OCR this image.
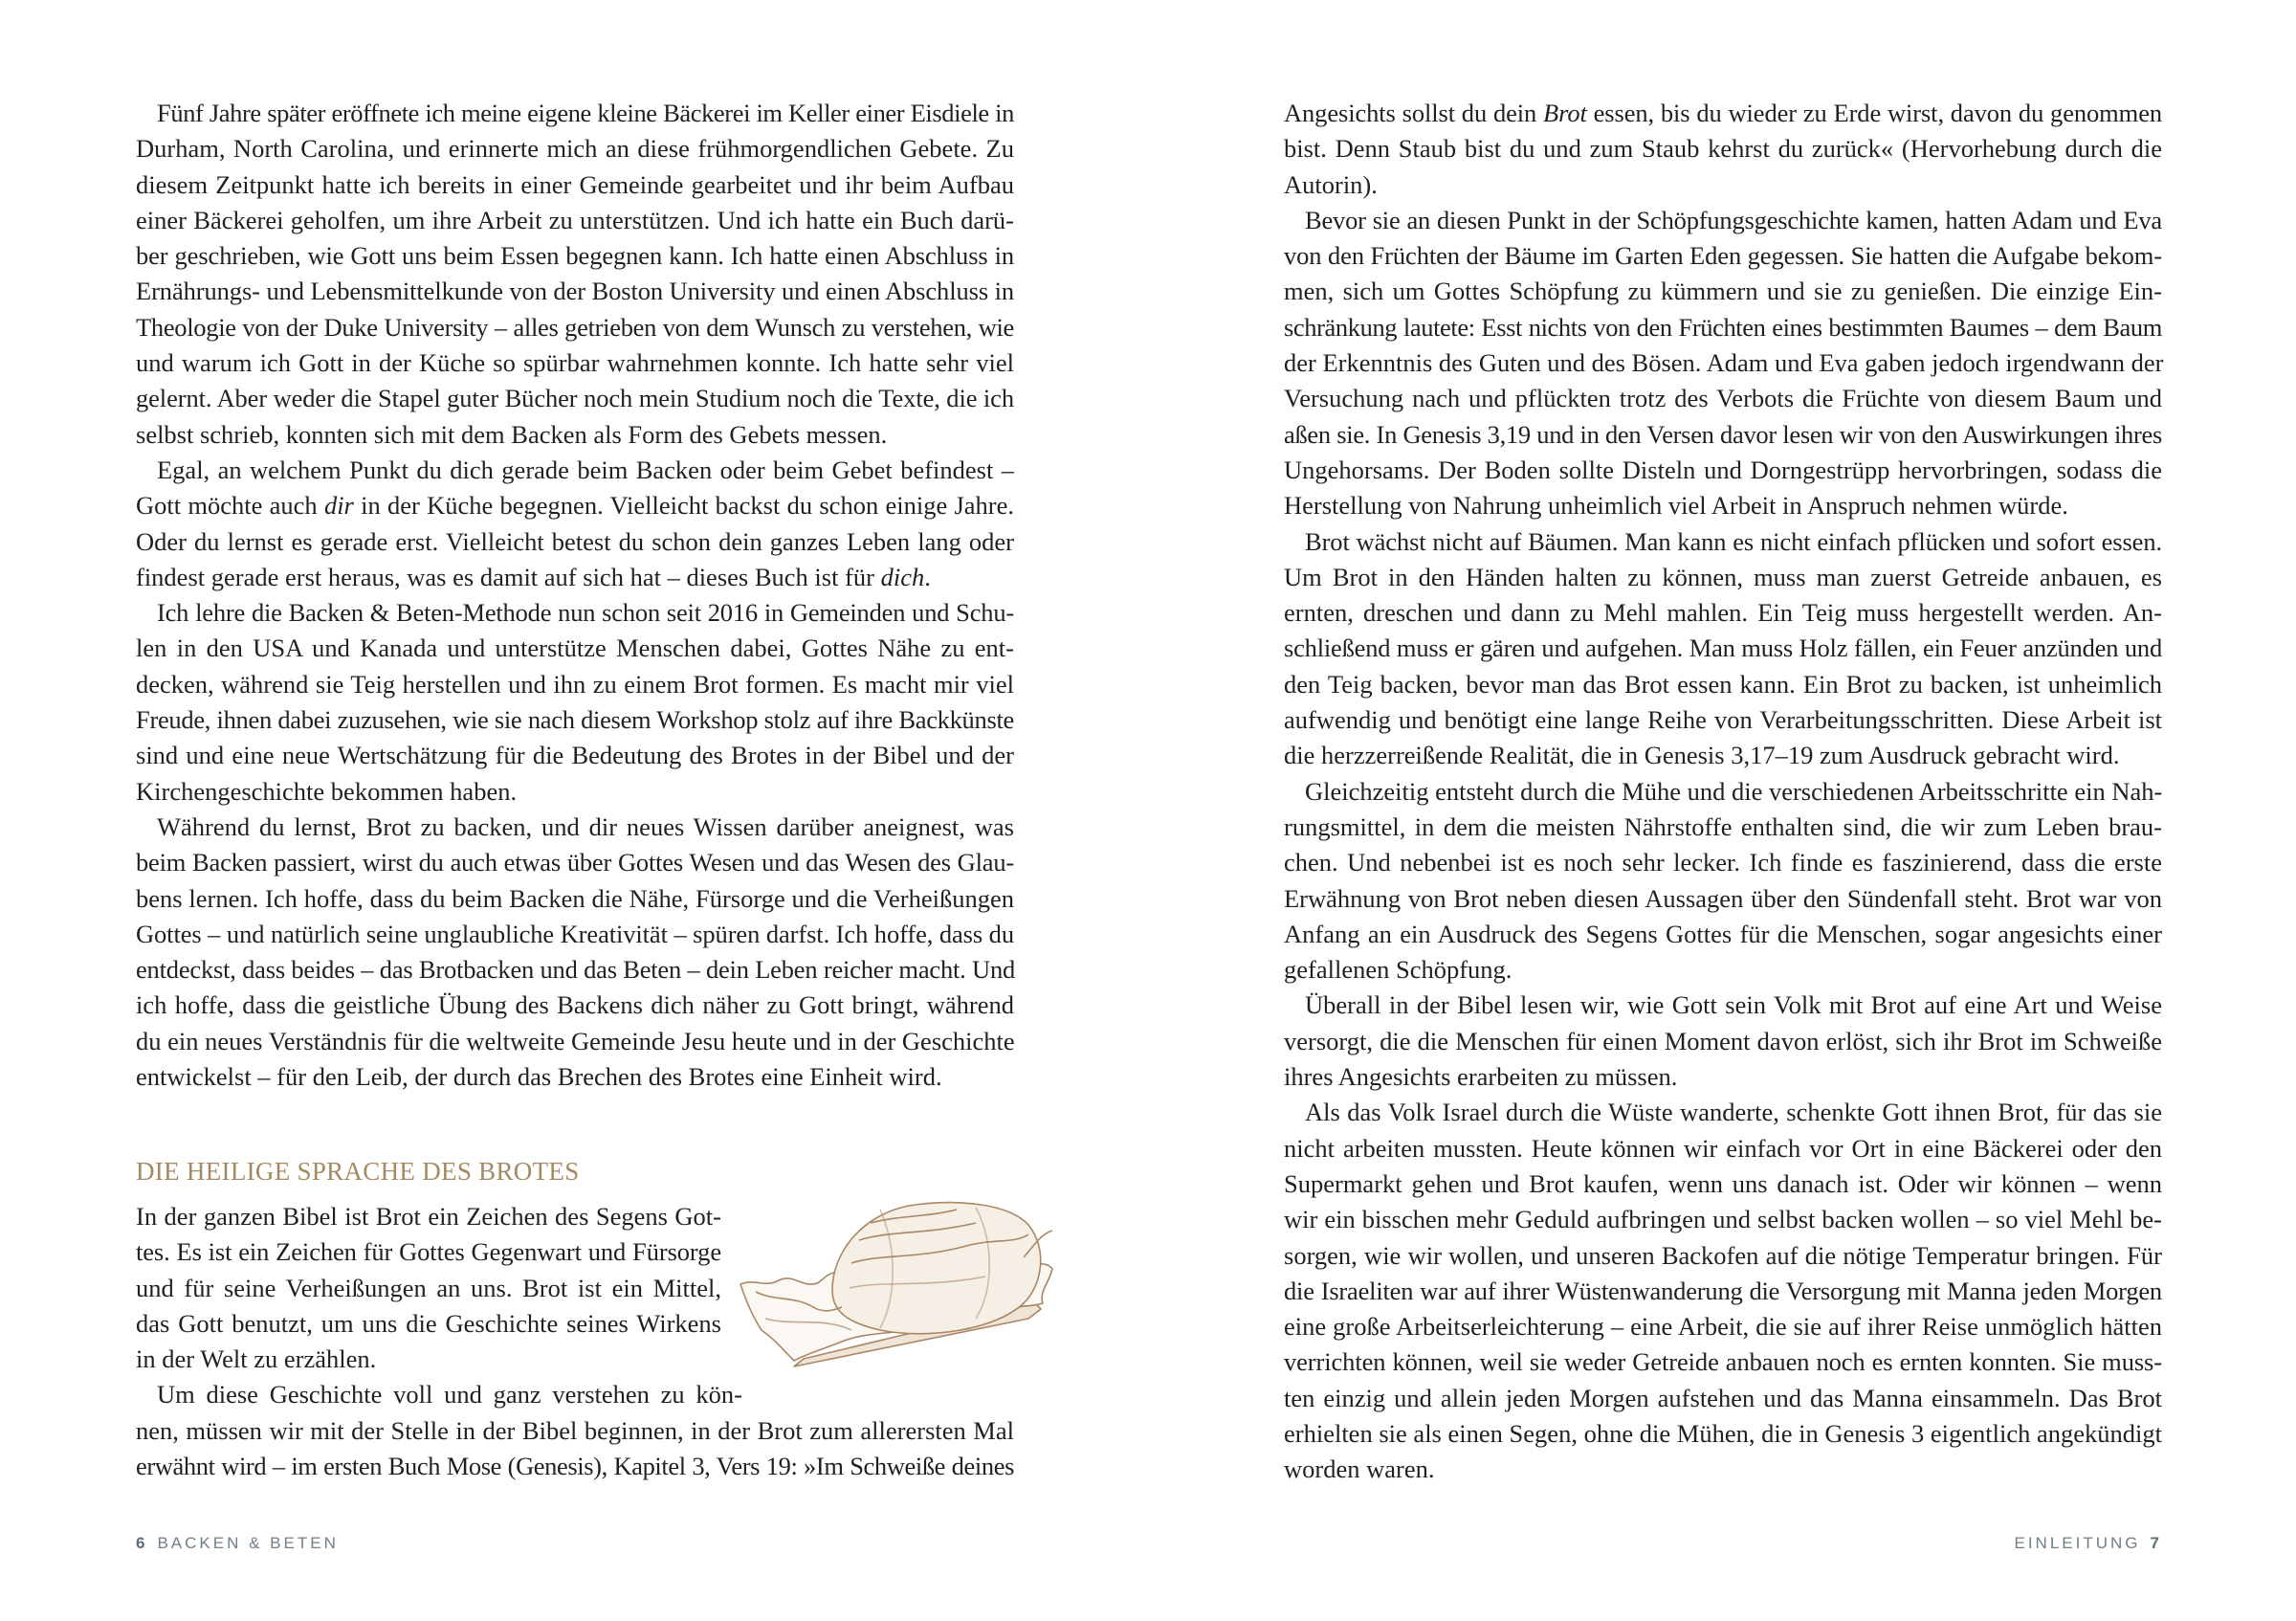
Fünf Jahre später eröffnete ich meine eigene kleine Bäckerei im Keller einer Eisdiele in
Durham, North Carolina, und erinnerte mich an diese frühmorgendlichen Gebete. Zu
diesem Zeitpunkt hatte ich bereits in einer Gemeinde gearbeitet und ihr beim Aufbau
einer Bäckerei geholfen, um ihre Arbeit zu unterstützen. Und ich hatte ein Buch darü-
ber geschrieben, wie Gott uns beim Essen begegnen kann. Ich hatte einen Abschluss in
Ernährungs- und Lebensmittelkunde von der Boston University und einen Abschluss in
Theologie von der Duke University – alles getrieben von dem Wunsch zu verstehen, wie
und warum ich Gott in der Küche so spürbar wahrnehmen konnte. Ich hatte sehr viel
gelernt. Aber weder die Stapel guter Bücher noch mein Studium noch die Texte, die ich
selbst schrieb, konnten sich mit dem Backen als Form des Gebets messen.
Egal, an welchem Punkt du dich gerade beim Backen oder beim Gebet befindest –
Gott möchte auch dir in der Küche begegnen. Vielleicht backst du schon einige Jahre.
Oder du lernst es gerade erst. Vielleicht betest du schon dein ganzes Leben lang oder
findest gerade erst heraus, was es damit auf sich hat – dieses Buch ist für dich.
Ich lehre die Backen & Beten-Methode nun schon seit 2016 in Gemeinden und Schu-
len in den USA und Kanada und unterstütze Menschen dabei, Gottes Nähe zu ent-
decken, während sie Teig herstellen und ihn zu einem Brot formen. Es macht mir viel
Freude, ihnen dabei zuzusehen, wie sie nach diesem Workshop stolz auf ihre Backkünste
sind und eine neue Wertschätzung für die Bedeutung des Brotes in der Bibel und der
Kirchengeschichte bekommen haben.
Während du lernst, Brot zu backen, und dir neues Wissen darüber aneignest, was
beim Backen passiert, wirst du auch etwas über Gottes Wesen und das Wesen des Glau-
bens lernen. Ich hoffe, dass du beim Backen die Nähe, Fürsorge und die Verheißungen
Gottes – und natürlich seine unglaubliche Kreativität – spüren darfst. Ich hoffe, dass du
entdeckst, dass beides – das Brotbacken und das Beten – dein Leben reicher macht. Und
ich hoffe, dass die geistliche Übung des Backens dich näher zu Gott bringt, während
du ein neues Verständnis für die weltweite Gemeinde Jesu heute und in der Geschichte
entwickelst – für den Leib, der durch das Brechen des Brotes eine Einheit wird.
DIE HEILIGE SPRACHE DES BROTES
In der ganzen Bibel ist Brot ein Zeichen des Segens Got-
tes. Es ist ein Zeichen für Gottes Gegenwart und Fürsorge
und für seine Verheißungen an uns. Brot ist ein Mittel,
das Gott benutzt, um uns die Geschichte seines Wirkens
in der Welt zu erzählen.
Um diese Geschichte voll und ganz verstehen zu kön-
nen, müssen wir mit der Stelle in der Bibel beginnen, in der Brot zum allerersten Mal
erwähnt wird – im ersten Buch Mose (Genesis), Kapitel 3, Vers 19: »Im Schweiße deines
6 BACKEN & BETEN
Angesichts sollst du dein Brot essen, bis du wieder zu Erde wirst, davon du genommen
bist. Denn Staub bist du und zum Staub kehrst du zurück« (Hervorhebung durch die
Autorin).
Bevor sie an diesen Punkt in der Schöpfungsgeschichte kamen, hatten Adam und Eva
von den Früchten der Bäume im Garten Eden gegessen. Sie hatten die Aufgabe bekom-
men, sich um Gottes Schöpfung zu kümmern und sie zu genießen. Die einzige Ein-
schränkung lautete: Esst nichts von den Früchten eines bestimmten Baumes – dem Baum
der Erkenntnis des Guten und des Bösen. Adam und Eva gaben jedoch irgendwann der
Versuchung nach und pflückten trotz des Verbots die Früchte von diesem Baum und
aßen sie. In Genesis 3,19 und in den Versen davor lesen wir von den Auswirkungen ihres
Ungehorsams. Der Boden sollte Disteln und Dorngestrüpp hervorbringen, sodass die
Herstellung von Nahrung unheimlich viel Arbeit in Anspruch nehmen würde.
Brot wächst nicht auf Bäumen. Man kann es nicht einfach pflücken und sofort essen.
Um Brot in den Händen halten zu können, muss man zuerst Getreide anbauen, es
ernten, dreschen und dann zu Mehl mahlen. Ein Teig muss hergestellt werden. An-
schließend muss er gären und aufgehen. Man muss Holz fällen, ein Feuer anzünden und
den Teig backen, bevor man das Brot essen kann. Ein Brot zu backen, ist unheimlich
aufwendig und benötigt eine lange Reihe von Verarbeitungsschritten. Diese Arbeit ist
die herzzerreißende Realität, die in Genesis 3,17–19 zum Ausdruck gebracht wird.
Gleichzeitig entsteht durch die Mühe und die verschiedenen Arbeitsschritte ein Nah-
rungsmittel, in dem die meisten Nährstoffe enthalten sind, die wir zum Leben brau-
chen. Und nebenbei ist es noch sehr lecker. Ich finde es faszinierend, dass die erste
Erwähnung von Brot neben diesen Aussagen über den Sündenfall steht. Brot war von
Anfang an ein Ausdruck des Segens Gottes für die Menschen, sogar angesichts einer
gefallenen Schöpfung.
Überall in der Bibel lesen wir, wie Gott sein Volk mit Brot auf eine Art und Weise
versorgt, die die Menschen für einen Moment davon erlöst, sich ihr Brot im Schweiße
ihres Angesichts erarbeiten zu müssen.
Als das Volk Israel durch die Wüste wanderte, schenkte Gott ihnen Brot, für das sie
nicht arbeiten mussten. Heute können wir einfach vor Ort in eine Bäckerei oder den
Supermarkt gehen und Brot kaufen, wenn uns danach ist. Oder wir können – wenn
wir ein bisschen mehr Geduld aufbringen und selbst backen wollen – so viel Mehl be-
sorgen, wie wir wollen, und unseren Backofen auf die nötige Temperatur bringen. Für
die Israeliten war auf ihrer Wüstenwanderung die Versorgung mit Manna jeden Morgen
eine große Arbeitserleichterung – eine Arbeit, die sie auf ihrer Reise unmöglich hätten
verrichten können, weil sie weder Getreide anbauen noch es ernten konnten. Sie muss-
ten einzig und allein jeden Morgen aufstehen und das Manna einsammeln. Das Brot
erhielten sie als einen Segen, ohne die Mühen, die in Genesis 3 eigentlich angekündigt
worden waren.
EINLEITUNG 7
